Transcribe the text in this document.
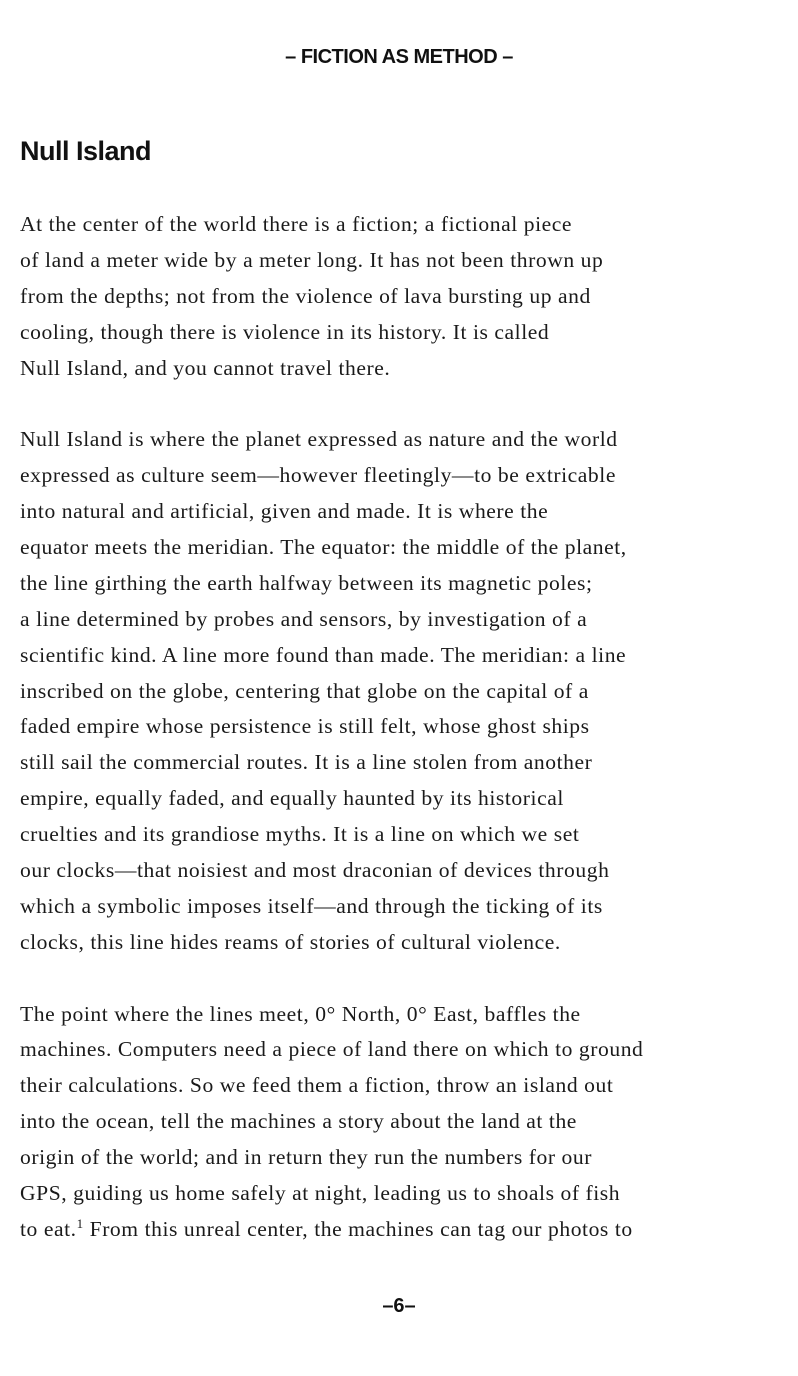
– FICTION AS METHOD –
Null Island
At the center of the world there is a fiction; a fictional piece
of land a meter wide by a meter long. It has not been thrown up
from the depths; not from the violence of lava bursting up and
cooling, though there is violence in its history. It is called
Null Island, and you cannot travel there.
Null Island is where the planet expressed as nature and the world
expressed as culture seem—however fleetingly—to be extricable
into natural and artificial, given and made. It is where the
equator meets the meridian. The equator: the middle of the planet,
the line girthing the earth halfway between its magnetic poles;
a line determined by probes and sensors, by investigation of a
scientific kind. A line more found than made. The meridian: a line
inscribed on the globe, centering that globe on the capital of a
faded empire whose persistence is still felt, whose ghost ships
still sail the commercial routes. It is a line stolen from another
empire, equally faded, and equally haunted by its historical
cruelties and its grandiose myths. It is a line on which we set
our clocks—that noisiest and most draconian of devices through
which a symbolic imposes itself—and through the ticking of its
clocks, this line hides reams of stories of cultural violence.
The point where the lines meet, 0° North, 0° East, baffles the
machines. Computers need a piece of land there on which to ground
their calculations. So we feed them a fiction, throw an island out
into the ocean, tell the machines a story about the land at the
origin of the world; and in return they run the numbers for our
GPS, guiding us home safely at night, leading us to shoals of fish
to eat.$^1$ From this unreal center, the machines can tag our photos to
–6–
